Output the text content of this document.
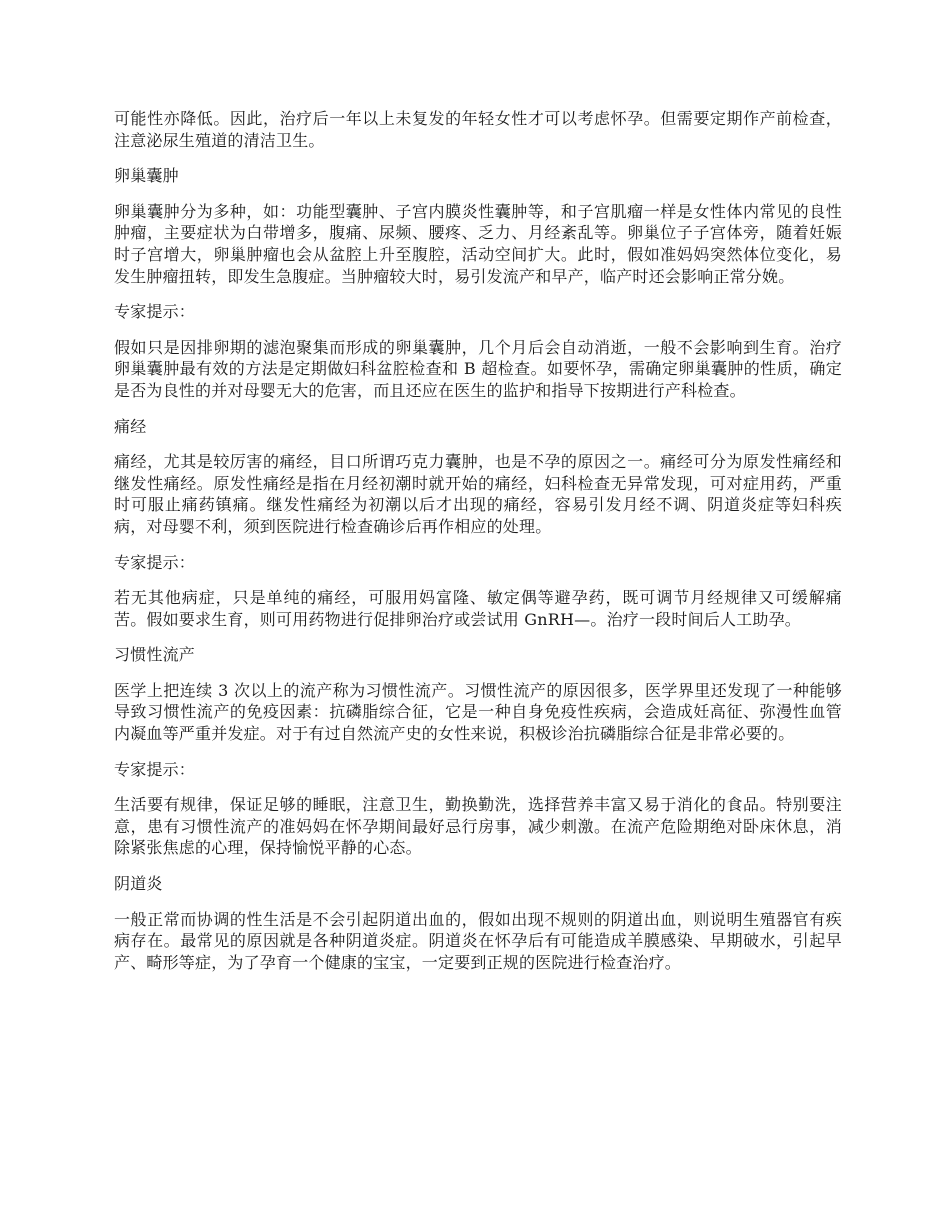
可能性亦降低。因此，治疗后一年以上未复发的年轻女性才可以考虑怀孕。但需要定期作产前检查，注意泌尿生殖道的清洁卫生。

卵巢囊肿

卵巢囊肿分为多种，如：功能型囊肿、子宫内膜炎性囊肿等，和子宫肌瘤一样是女性体内常见的良性肿瘤，主要症状为白带增多，腹痛、尿频、腰疼、乏力、月经紊乱等。卵巢位子子宫体旁，随着妊娠时子宫增大，卵巢肿瘤也会从盆腔上升至腹腔，活动空间扩大。此时，假如准妈妈突然体位变化，易发生肿瘤扭转，即发生急腹症。当肿瘤较大时，易引发流产和早产，临产时还会影响正常分娩。

专家提示：

假如只是因排卵期的滤泡聚集而形成的卵巢囊肿，几个月后会自动消逝，一般不会影响到生育。治疗卵巢囊肿最有效的方法是定期做妇科盆腔检查和 B 超检查。如要怀孕，需确定卵巢囊肿的性质，确定是否为良性的并对母婴无大的危害，而且还应在医生的监护和指导下按期进行产科检查。

痛经

痛经，尤其是较厉害的痛经，目口所谓巧克力囊肿，也是不孕的原因之一。痛经可分为原发性痛经和继发性痛经。原发性痛经是指在月经初潮时就开始的痛经，妇科检查无异常发现，可对症用药，严重时可服止痛药镇痛。继发性痛经为初潮以后才出现的痛经，容易引发月经不调、阴道炎症等妇科疾病，对母婴不利，须到医院进行检查确诊后再作相应的处理。

专家提示：

若无其他病症，只是单纯的痛经，可服用妈富隆、敏定偶等避孕药，既可调节月经规律又可缓解痛苦。假如要求生育，则可用药物进行促排卵治疗或尝试用 GnRH—。治疗一段时间后人工助孕。

习惯性流产

医学上把连续 3 次以上的流产称为习惯性流产。习惯性流产的原因很多，医学界里还发现了一种能够导致习惯性流产的免疫因素：抗磷脂综合征，它是一种自身免疫性疾病，会造成妊高征、弥漫性血管内凝血等严重并发症。对于有过自然流产史的女性来说，积极诊治抗磷脂综合征是非常必要的。

专家提示：

生活要有规律，保证足够的睡眠，注意卫生，勤换勤洗，选择营养丰富又易于消化的食品。特别要注意，患有习惯性流产的准妈妈在怀孕期间最好忌行房事，减少刺激。在流产危险期绝对卧床休息，消除紧张焦虑的心理，保持愉悦平静的心态。

阴道炎

一般正常而协调的性生活是不会引起阴道出血的，假如出现不规则的阴道出血，则说明生殖器官有疾病存在。最常见的原因就是各种阴道炎症。阴道炎在怀孕后有可能造成羊膜感染、早期破水，引起早产、畸形等症，为了孕育一个健康的宝宝，一定要到正规的医院进行检查治疗。
